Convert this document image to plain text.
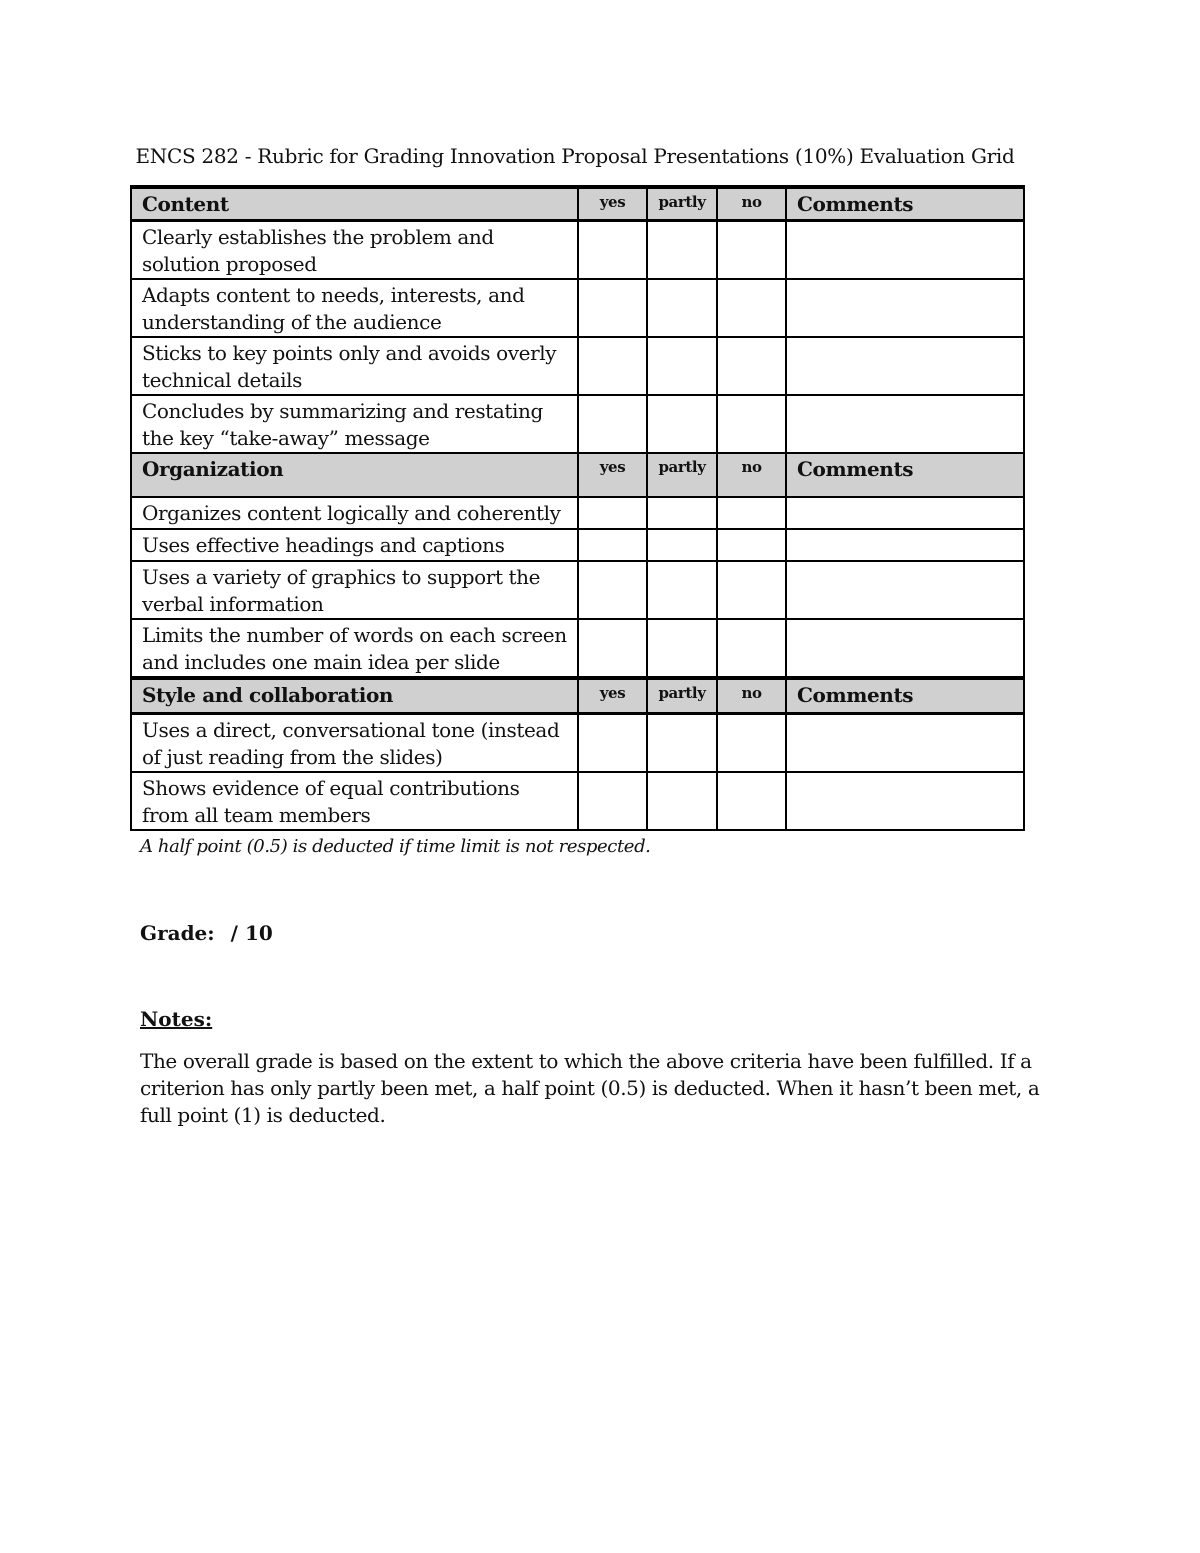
ENCS 282 - Rubric for Grading Innovation Proposal Presentations (10%) Evaluation Grid
Content	yes	partly	no	Comments
Clearly establishes the problem and solution proposed				
Adapts content to needs, interests, and understanding of the audience				
Sticks to key points only and avoids overly technical details				
Concludes by summarizing and restating the key “take-away” message				
Organization	yes	partly	no	Comments
Organizes content logically and coherently				
Uses effective headings and captions				
Uses a variety of graphics to support the verbal information				
Limits the number of words on each screen and includes one main idea per slide				
Style and collaboration	yes	partly	no	Comments
Uses a direct, conversational tone (instead of just reading from the slides)				
Shows evidence of equal contributions from all team members				
A half point (0.5) is deducted if time limit is not respected.
Grade: / 10
Notes:
The overall grade is based on the extent to which the above criteria have been fulfilled. If a criterion has only partly been met, a half point (0.5) is deducted. When it hasn’t been met, a full point (1) is deducted.
